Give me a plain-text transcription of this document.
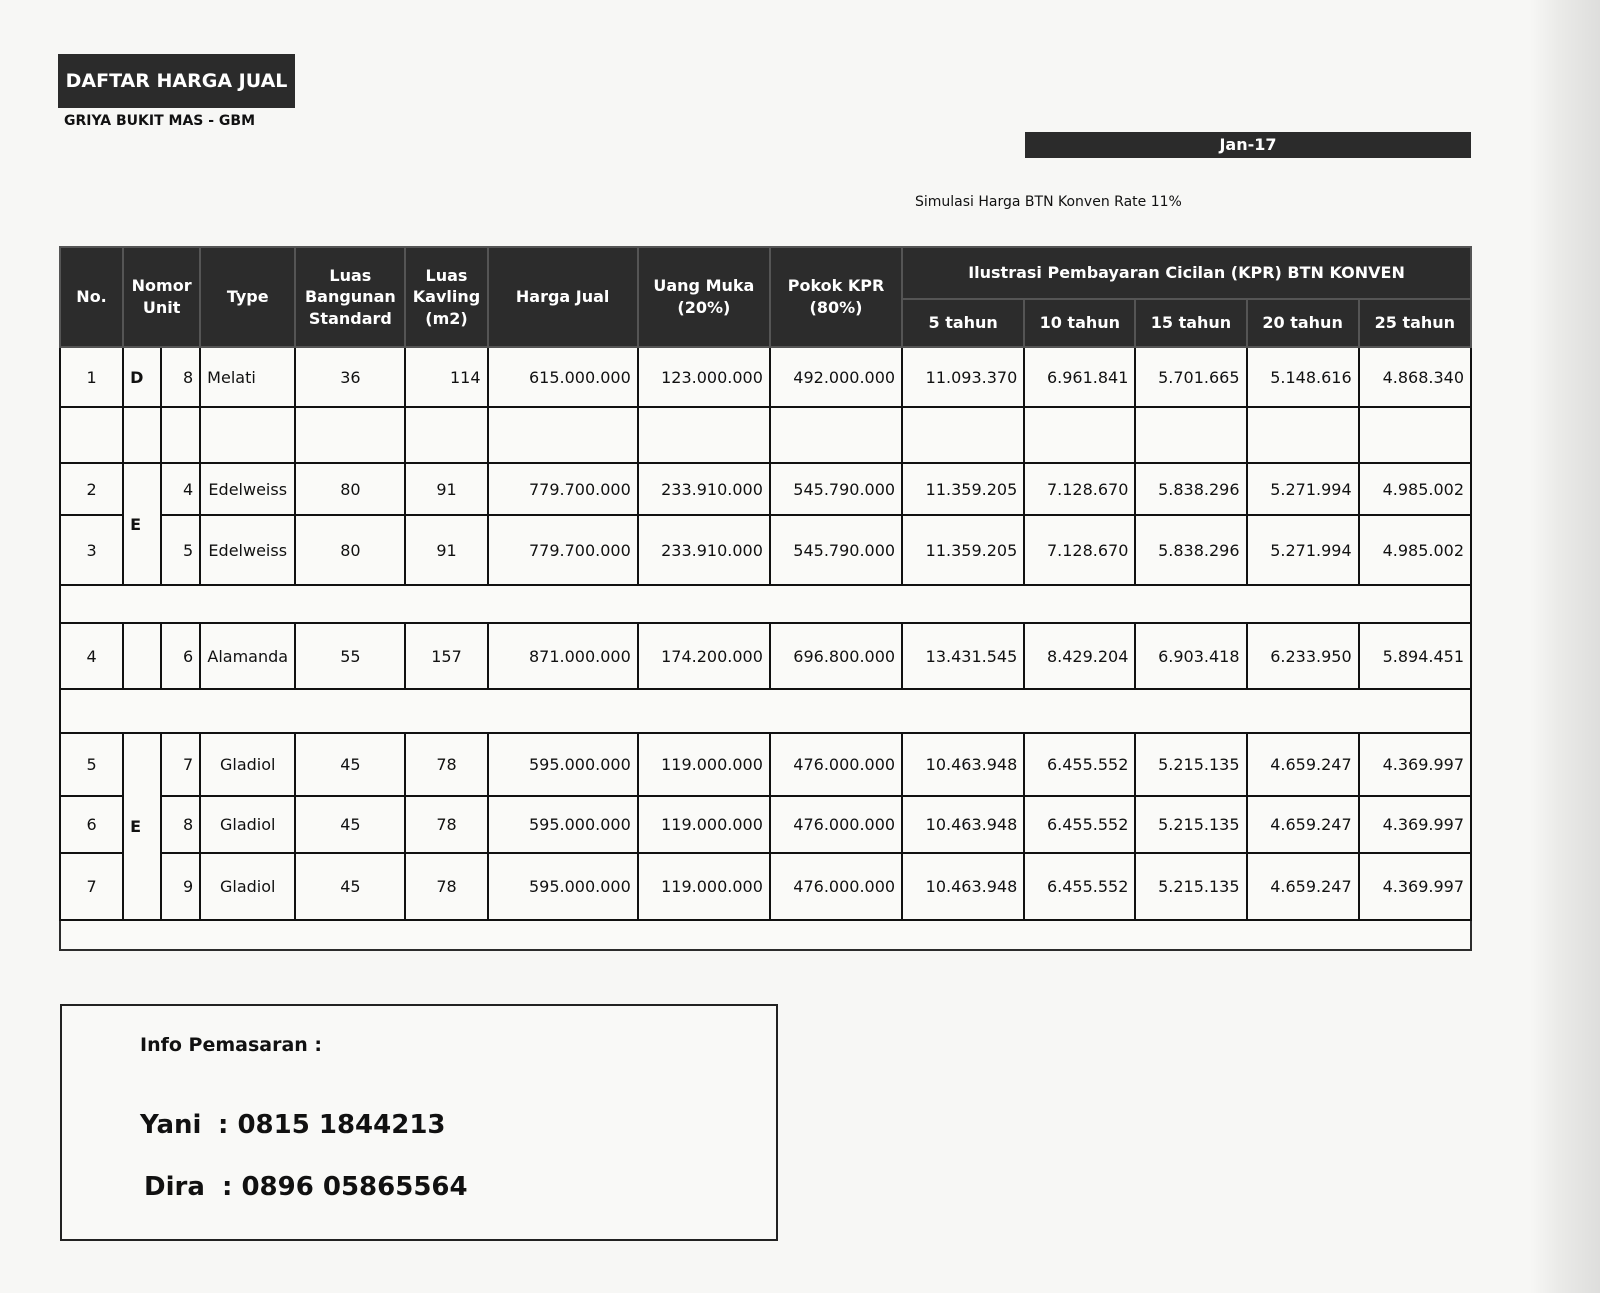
DAFTAR HARGA JUAL
GRIYA BUKIT MAS - GBM
Jan-17
Simulasi Harga BTN Konven Rate 11%
No.	Nomor Unit		Type	Luas Bangunan Standard	Luas Kavling (m2)	Harga Jual	Uang Muka (20%)	Pokok KPR (80%)	Ilustrasi Pembayaran Cicilan (KPR) BTN KONVEN				
									5 tahun	10 tahun	15 tahun	20 tahun	25 tahun
1	D	8	Melati	36	114	615.000.000	123.000.000	492.000.000	11.093.370	6.961.841	5.701.665	5.148.616	4.868.340

2	E	4	Edelweiss	80	91	779.700.000	233.910.000	545.790.000	11.359.205	7.128.670	5.838.296	5.271.994	4.985.002
3		5	Edelweiss	80	91	779.700.000	233.910.000	545.790.000	11.359.205	7.128.670	5.838.296	5.271.994	4.985.002

4		6	Alamanda	55	157	871.000.000	174.200.000	696.800.000	13.431.545	8.429.204	6.903.418	6.233.950	5.894.451

5	E	7	Gladiol	45	78	595.000.000	119.000.000	476.000.000	10.463.948	6.455.552	5.215.135	4.659.247	4.369.997
6		8	Gladiol	45	78	595.000.000	119.000.000	476.000.000	10.463.948	6.455.552	5.215.135	4.659.247	4.369.997
7		9	Gladiol	45	78	595.000.000	119.000.000	476.000.000	10.463.948	6.455.552	5.215.135	4.659.247	4.369.997

Info Pemasaran :
Yani : 0815 1844213
Dira : 0896 05865564
